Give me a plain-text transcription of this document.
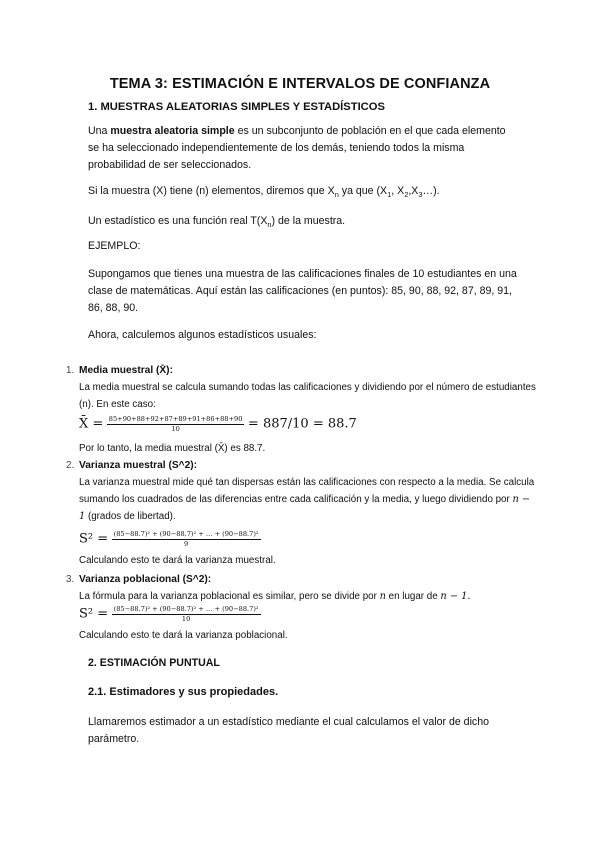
TEMA 3: ESTIMACIÓN E INTERVALOS DE CONFIANZA
1. MUESTRAS ALEATORIAS SIMPLES Y ESTADÍSTICOS
Una muestra aleatoria simple es un subconjunto de población en el que cada elemento se ha seleccionado independientemente de los demás, teniendo todos la misma probabilidad de ser seleccionados.
Si la muestra (X) tiene (n) elementos, diremos que $X_n$ ya que ($X_1$, $X_2,X_3\dots$).
Un estadístico es una función real $T(X_n)$ de la muestra.
EJEMPLO:
Supongamos que tienes una muestra de las calificaciones finales de 10 estudiantes en una clase de matemáticas. Aquí están las calificaciones (en puntos): 85, 90, 88, 92, 87, 89, 91, 86, 88, 90.
Ahora, calculemos algunos estadísticos usuales:
1. Media muestral (X̄):
La media muestral se calcula sumando todas las calificaciones y dividiendo por el número de estudiantes (n). En este caso:
X̄ = $\frac{85+90+88+92+87+89+91+86+88+90}{10} = 887/10 = 88.7$
Por lo tanto, la media muestral (X̄) es 88.7.
2. Varianza muestral (S^2):
La varianza muestral mide qué tan dispersas están las calificaciones con respecto a la media. Se calcula sumando los cuadrados de las diferencias entre cada calificación y la media, y luego dividiendo por n − 1 (grados de libertad).
$S^2 = \frac{\text{(85−88.7)² + (90−88.7)² + … + (90−88.7)²}}{9}$
Calculando esto te dará la varianza muestral.
3. Varianza poblacional (S^2):
La fórmula para la varianza poblacional es similar, pero se divide por n en lugar de n − 1.
$S^2 = \frac{\text{(85−88.7)² + (90−88.7)² + … + (90−88.7)²}}{10}$
Calculando esto te dará la varianza poblacional.
2. ESTIMACIÓN PUNTUAL
2.1. Estimadores y sus propiedades.
Llamaremos estimador a un estadístico mediante el cual calculamos el valor de dicho parámetro.
